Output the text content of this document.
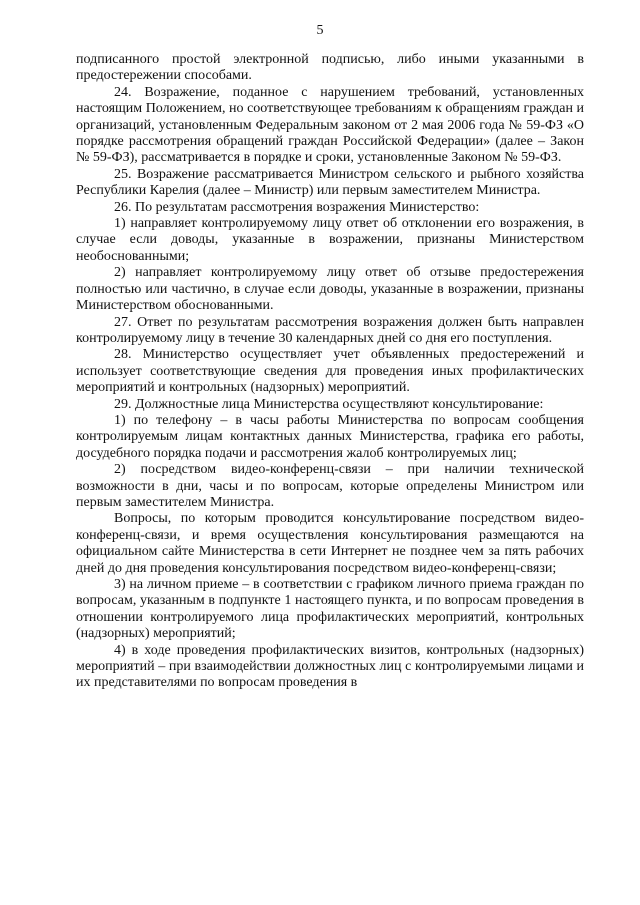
5

подписанного простой электронной подписью, либо иными указанными в предостережении способами.

24. Возражение, поданное с нарушением требований, установленных настоящим Положением, но соответствующее требованиям к обращениям граждан и организаций, установленным Федеральным законом от 2 мая 2006 года № 59-ФЗ «О порядке рассмотрения обращений граждан Российской Федерации» (далее – Закон № 59-ФЗ), рассматривается в порядке и сроки, установленные Законом № 59-ФЗ.

25. Возражение рассматривается Министром сельского и рыбного хозяйства Республики Карелия (далее – Министр) или первым заместителем Министра.

26. По результатам рассмотрения возражения Министерство:

1) направляет контролируемому лицу ответ об отклонении его возражения, в случае если доводы, указанные в возражении, признаны Министерством необоснованными;

2) направляет контролируемому лицу ответ об отзыве предостережения полностью или частично, в случае если доводы, указанные в возражении, признаны Министерством обоснованными.

27. Ответ по результатам рассмотрения возражения должен быть направлен контролируемому лицу в течение 30 календарных дней со дня его поступления.

28. Министерство осуществляет учет объявленных предостережений и использует соответствующие сведения для проведения иных профилактических мероприятий и контрольных (надзорных) мероприятий.

29. Должностные лица Министерства осуществляют консультирование:

1) по телефону – в часы работы Министерства по вопросам сообщения контролируемым лицам контактных данных Министерства, графика его работы, досудебного порядка подачи и рассмотрения жалоб контролируемых лиц;

2) посредством видео-конференц-связи – при наличии технической возможности в дни, часы и по вопросам, которые определены Министром или первым заместителем Министра.

Вопросы, по которым проводится консультирование посредством видео-конференц-связи, и время осуществления консультирования размещаются на официальном сайте Министерства в сети Интернет не позднее чем за пять рабочих дней до дня проведения консультирования посредством видео-конференц-связи;

3) на личном приеме – в соответствии с графиком личного приема граждан по вопросам, указанным в подпункте 1 настоящего пункта, и по вопросам проведения в отношении контролируемого лица профилактических мероприятий, контрольных (надзорных) мероприятий;

4) в ходе проведения профилактических визитов, контрольных (надзорных) мероприятий – при взаимодействии должностных лиц с контролируемыми лицами и их представителями по вопросам проведения в
